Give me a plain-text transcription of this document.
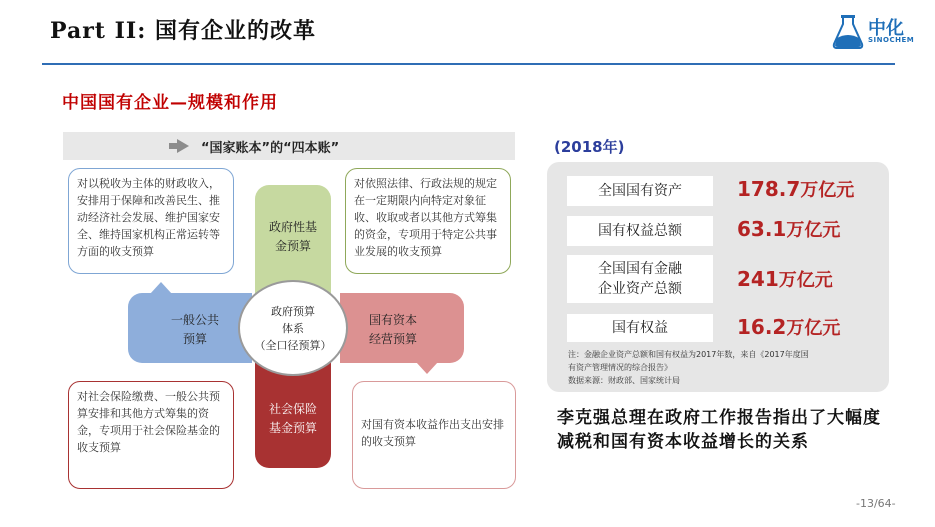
Part II: 国有企业的改革	中化
SINOCHEM
中国国有企业—规模和作用
“国家账本”的“四本账”
对以税收为主体的财政收入，安排用于保障和改善民生、推动经济社会发展、维护国家安全、维持国家机构正常运转等方面的收支预算
对依照法律、行政法规的规定在一定期限内向特定对象征收、收取或者以其他方式筹集的资金，专项用于特定公共事业发展的收支预算
对社会保险缴费、一般公共预算安排和其他方式筹集的资金，专项用于社会保险基金的收支预算
对国有资本收益作出支出安排的收支预算
政府性基
金预算
一般公共
预算
国有资本
经营预算
社会保险
基金预算
政府预算
体系
（全口径预算）
(2018年)
全国国有资产	178.7万亿元
国有权益总额	63.1万亿元
全国国有金融
企业资产总额	241万亿元
国有权益	16.2万亿元
注：金融企业资产总额和国有权益为2017年数，来自《2017年度国
有资产管理情况的综合报告》
数据来源：财政部、国家统计局
李克强总理在政府工作报告指出了大幅度减税和国有资本收益增长的关系
-13/64-
